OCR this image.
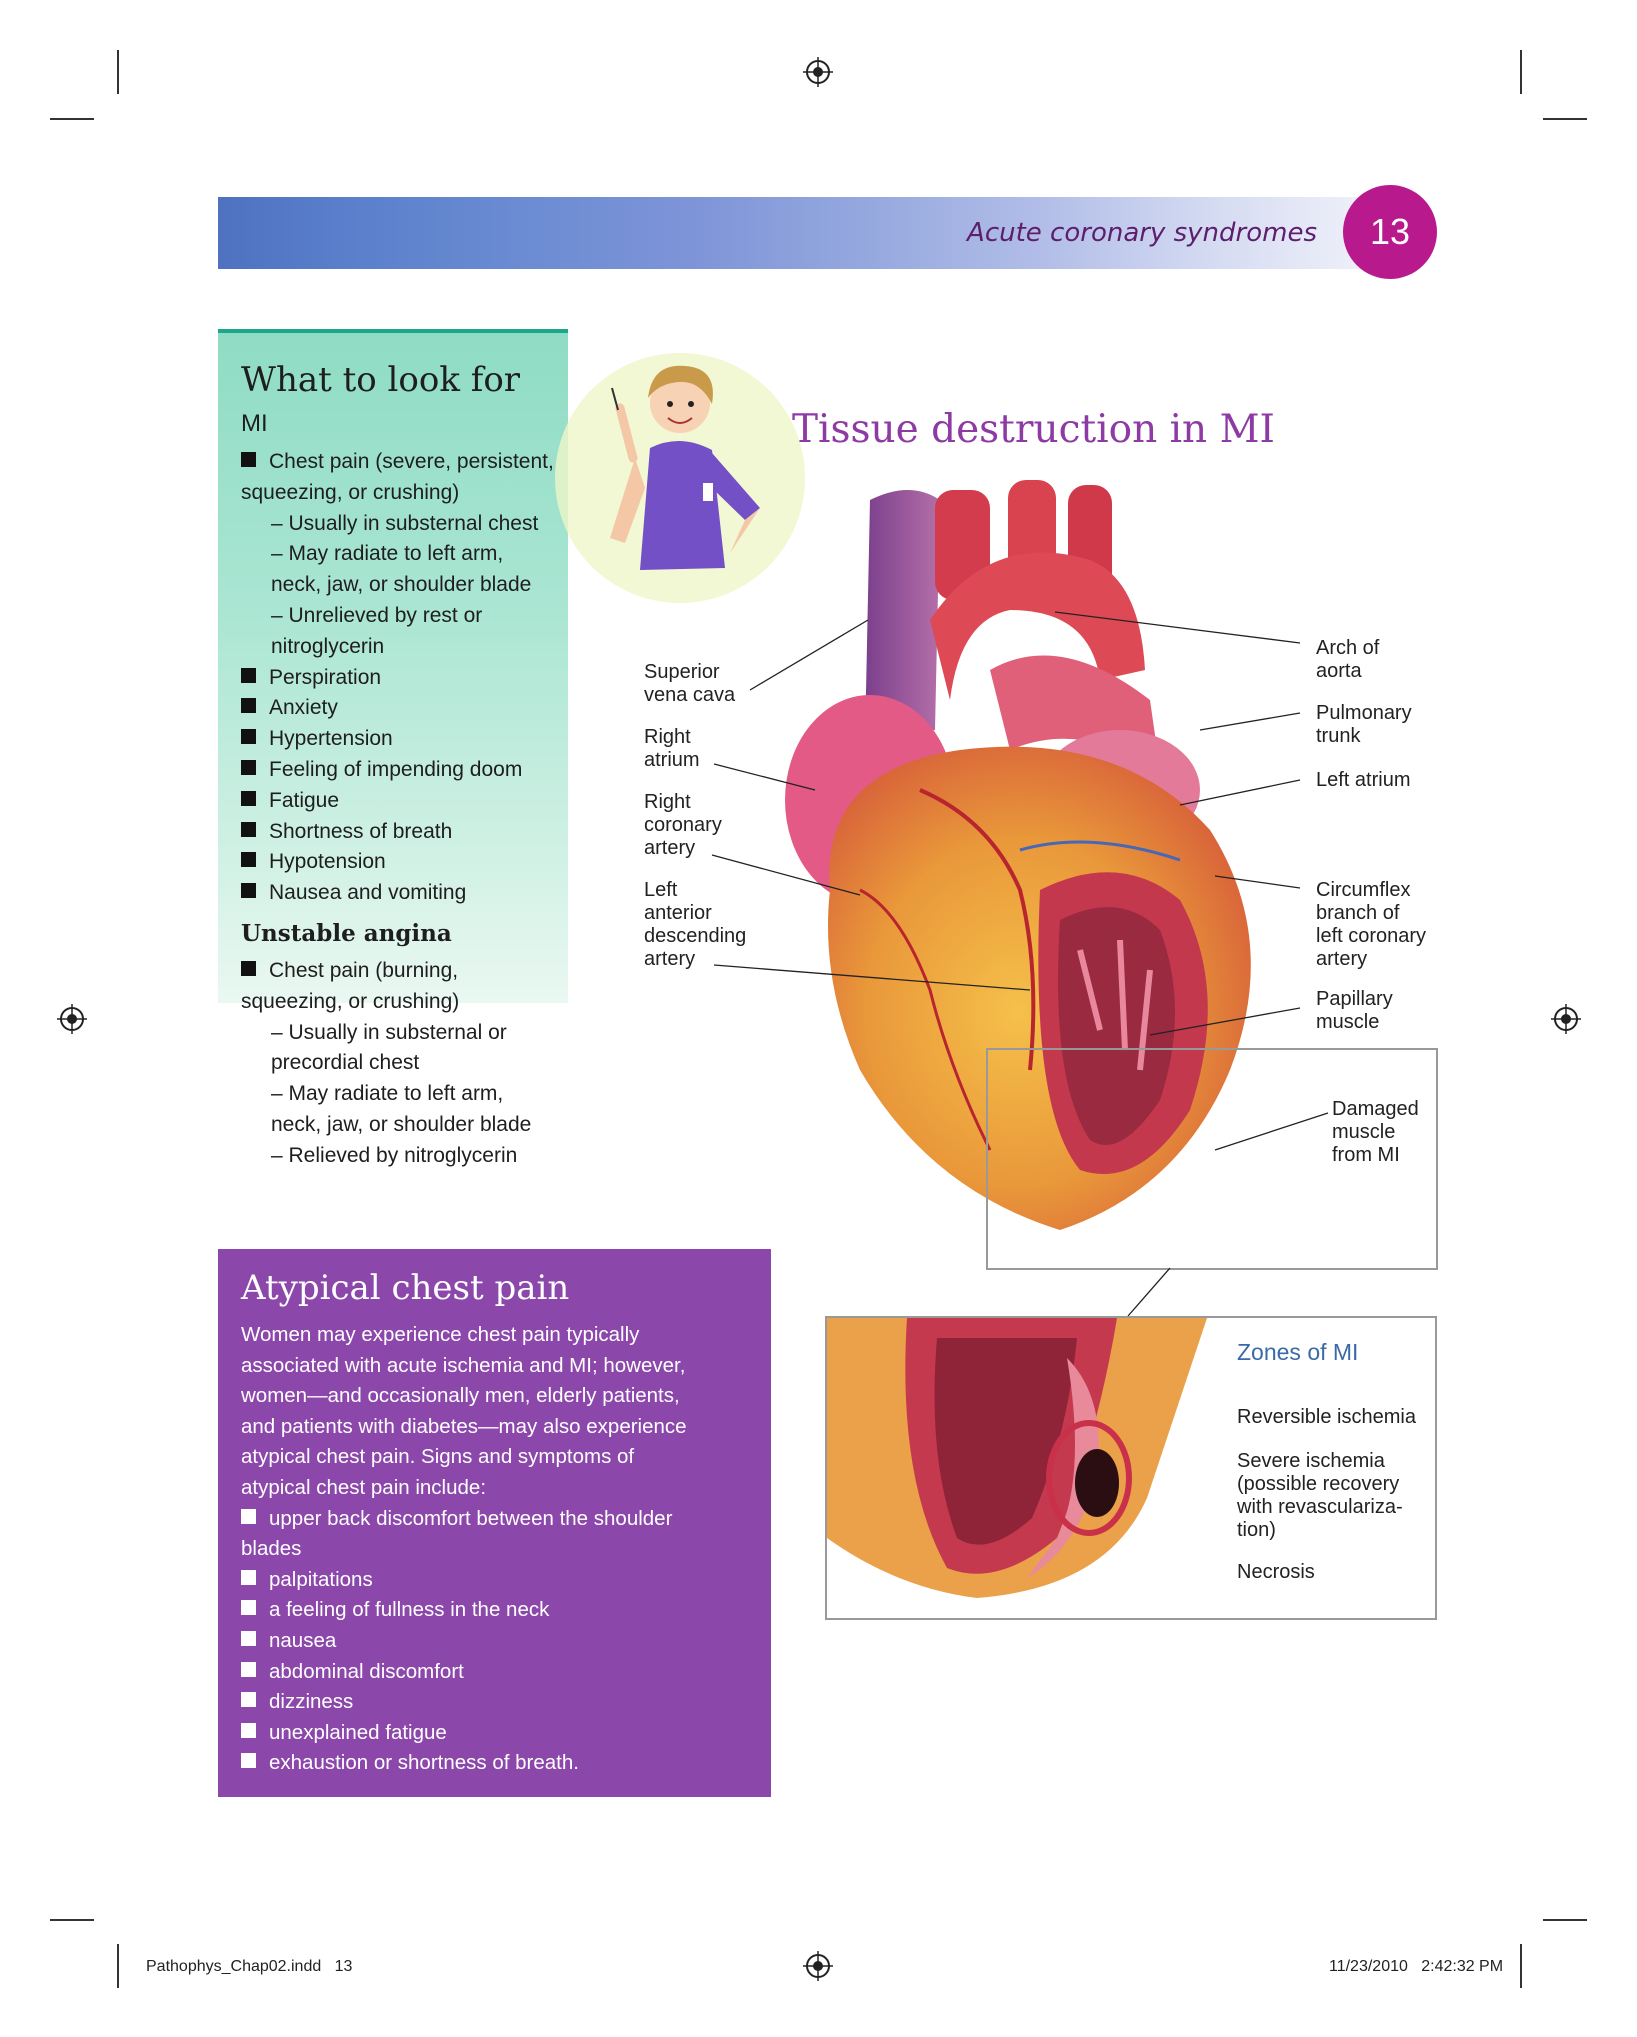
Acute coronary syndromes	13
What to look for
MI
Chest pain (severe, persistent,
squeezing, or crushing)
– Usually in substernal chest
– May radiate to left arm,
neck, jaw, or shoulder blade
– Unrelieved by rest or
nitroglycerin
Perspiration
Anxiety
Hypertension
Feeling of impending doom
Fatigue
Shortness of breath
Hypotension
Nausea and vomiting
Unstable angina
Chest pain (burning,
squeezing, or crushing)
– Usually in substernal or
precordial chest
– May radiate to left arm,
neck, jaw, or shoulder blade
– Relieved by nitroglycerin
Tissue destruction in MI
Superior
vena cava
Right
atrium
Right
coronary
artery
Left
anterior
descending
artery
Arch of
aorta
Pulmonary
trunk
Left atrium
Circumflex
branch of
left coronary
artery
Papillary
muscle
Damaged
muscle
from MI
Zones of MI
Reversible ischemia
Severe ischemia
(possible recovery
with revasculariza-
tion)
Necrosis
Atypical chest pain
Women may experience chest pain typically
associated with acute ischemia and MI; however,
women—and occasionally men, elderly patients,
and patients with diabetes—may also experience
atypical chest pain. Signs and symptoms of
atypical chest pain include:
upper back discomfort between the shoulder
blades
palpitations
a feeling of fullness in the neck
nausea
abdominal discomfort
dizziness
unexplained fatigue
exhaustion or shortness of breath.
Pathophys_Chap02.indd   13	11/23/2010   2:42:32 PM
